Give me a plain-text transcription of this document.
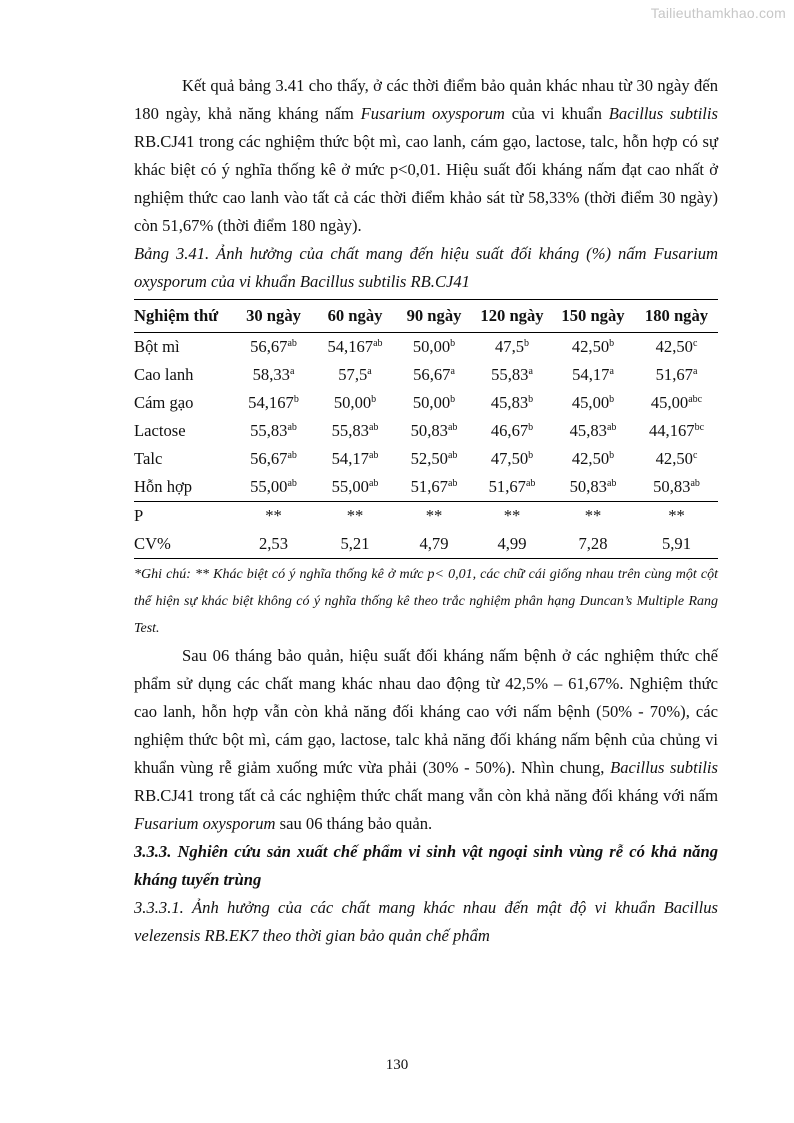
Tailieuthamkhao.com

Kết quả bảng 3.41 cho thấy, ở các thời điểm bảo quản khác nhau từ 30 ngày đến 180 ngày, khả năng kháng nấm Fusarium oxysporum của vi khuẩn Bacillus subtilis RB.CJ41 trong các nghiệm thức bột mì, cao lanh, cám gạo, lactose, talc, hỗn hợp có sự khác biệt có ý nghĩa thống kê ở mức p<0,01. Hiệu suất đối kháng nấm đạt cao nhất ở nghiệm thức cao lanh vào tất cả các thời điểm khảo sát từ 58,33% (thời điểm 30 ngày) còn 51,67% (thời điểm 180 ngày).

Bảng 3.41. Ảnh hưởng của chất mang đến hiệu suất đối kháng (%) nấm Fusarium oxysporum của vi khuẩn Bacillus subtilis RB.CJ41

Nghiệm thứ	30 ngày	60 ngày	90 ngày	120 ngày	150 ngày	180 ngày
Bột mì	56,67$^{ab}$	54,167$^{ab}$	50,00$^b$	47,5$^b$	42,50$^b$	42,50$^c$
Cao lanh	58,33$^a$	57,5$^a$	56,67$^a$	55,83$^a$	54,17$^a$	51,67$^a$
Cám gạo	54,167$^b$	50,00$^b$	50,00$^b$	45,83$^b$	45,00$^b$	45,00$^{abc}$
Lactose	55,83$^{ab}$	55,83$^{ab}$	50,83$^{ab}$	46,67$^b$	45,83$^{ab}$	44,167$^{bc}$
Talc	56,67$^{ab}$	54,17$^{ab}$	52,50$^{ab}$	47,50$^b$	42,50$^b$	42,50$^c$
Hỗn hợp	55,00$^{ab}$	55,00$^{ab}$	51,67$^{ab}$	51,67$^{ab}$	50,83$^{ab}$	50,83$^{ab}$
P	**	**	**	**	**	**
CV%	2,53	5,21	4,79	4,99	7,28	5,91

*Ghi chú: ** Khác biệt có ý nghĩa thống kê ở mức p< 0,01, các chữ cái giống nhau trên cùng một cột thể hiện sự khác biệt không có ý nghĩa thống kê theo trắc nghiệm phân hạng Duncan’s Multiple Rang Test.

Sau 06 tháng bảo quản, hiệu suất đối kháng nấm bệnh ở các nghiệm thức chế phẩm sử dụng các chất mang khác nhau dao động từ 42,5% – 61,67%. Nghiệm thức cao lanh, hỗn hợp vẫn còn khả năng đối kháng cao với nấm bệnh (50% - 70%), các nghiệm thức bột mì, cám gạo, lactose, talc khả năng đối kháng nấm bệnh của chủng vi khuẩn vùng rễ giảm xuống mức vừa phải (30% - 50%). Nhìn chung, Bacillus subtilis RB.CJ41 trong tất cả các nghiệm thức chất mang vẫn còn khả năng đối kháng với nấm Fusarium oxysporum sau 06 tháng bảo quản.

3.3.3. Nghiên cứu sản xuất chế phẩm vi sinh vật ngoại sinh vùng rễ có khả năng kháng tuyến trùng

3.3.3.1. Ảnh hưởng của các chất mang khác nhau đến mật độ vi khuẩn Bacillus velezensis RB.EK7 theo thời gian bảo quản chế phẩm

130
